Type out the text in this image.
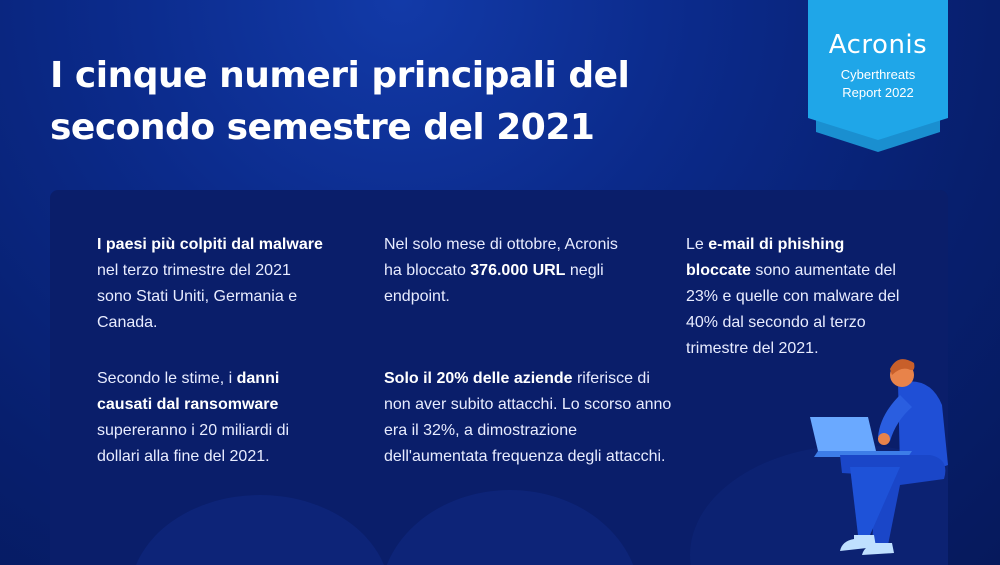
I cinque numeri principali del
secondo semestre del 2021
Acronis
Cyberthreats
Report 2022
I paesi più colpiti dal malware nel terzo trimestre del 2021 sono Stati Uniti, Germania e Canada.
Nel solo mese di ottobre, Acronis ha bloccato 376.000 URL negli endpoint.
Le e-mail di phishing bloccate sono aumentate del 23% e quelle con malware del 40% dal secondo al terzo trimestre del 2021.
Secondo le stime, i danni causati dal ransomware supereranno i 20 miliardi di dollari alla fine del 2021.
Solo il 20% delle aziende riferisce di non aver subito attacchi. Lo scorso anno era il 32%, a dimostrazione dell'aumentata frequenza degli attacchi.
